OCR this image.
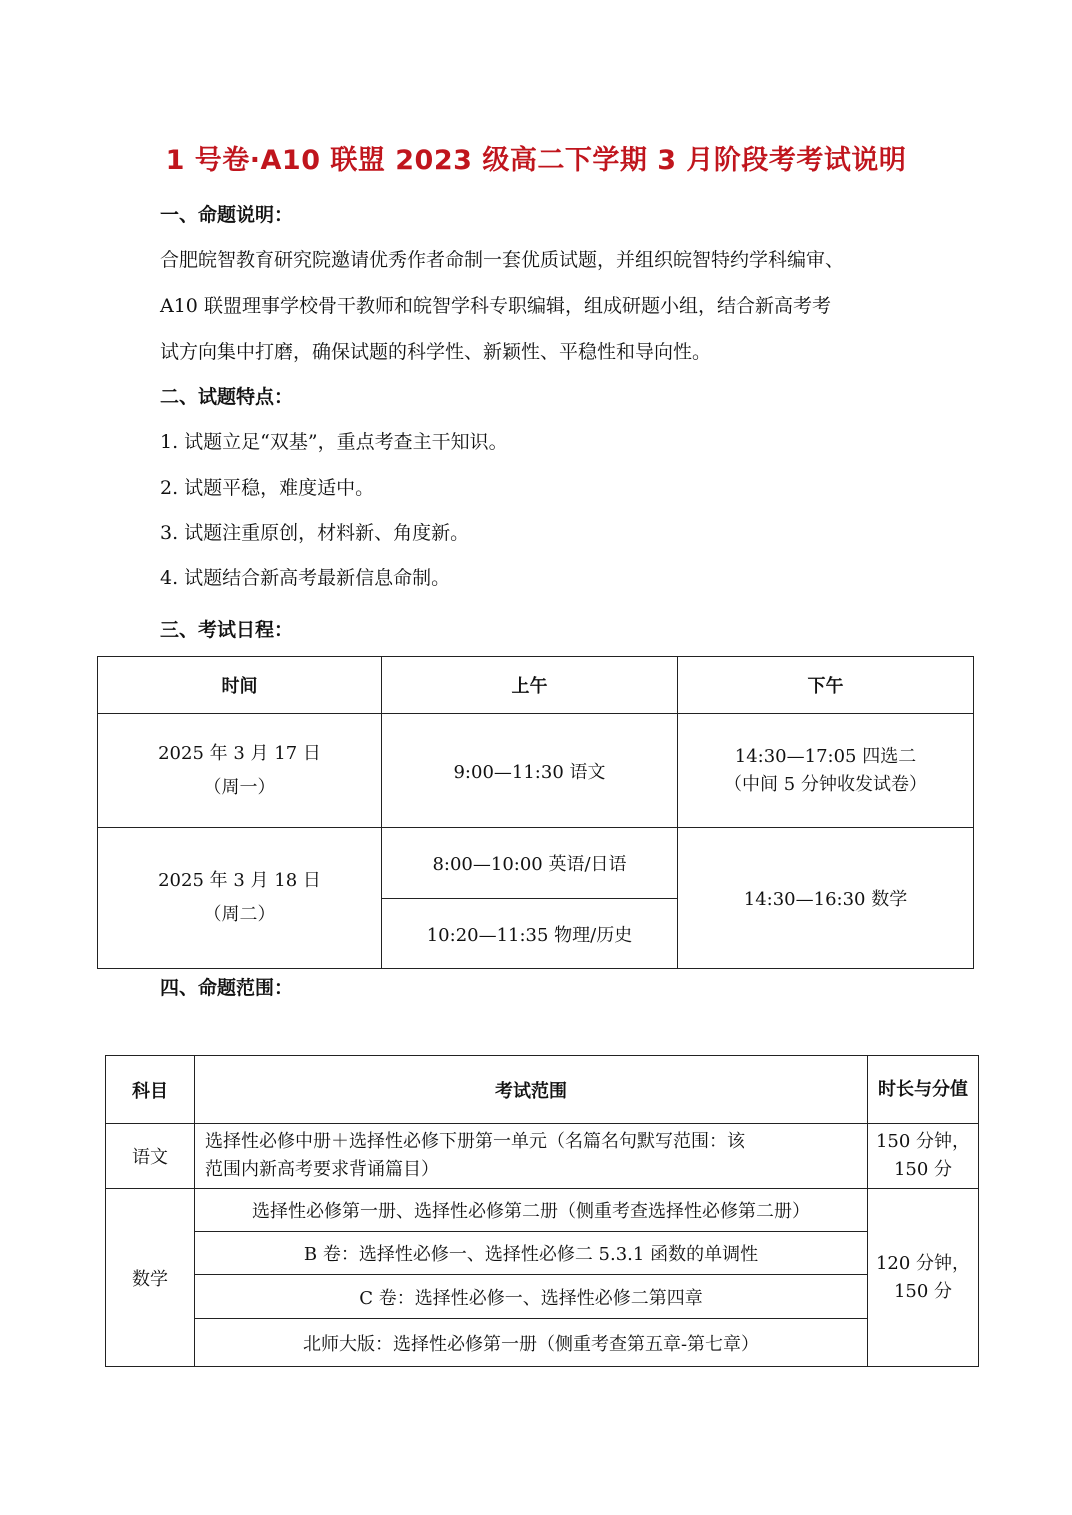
1 号卷·A10 联盟 2023 级高二下学期 3 月阶段考考试说明
一、命题说明：
合肥皖智教育研究院邀请优秀作者命制一套优质试题，并组织皖智特约学科编审、
A10 联盟理事学校骨干教师和皖智学科专职编辑，组成研题小组，结合新高考考
试方向集中打磨，确保试题的科学性、新颖性、平稳性和导向性。
二、试题特点：
1. 试题立足“双基”，重点考查主干知识。
2. 试题平稳，难度适中。
3. 试题注重原创，材料新、角度新。
4. 试题结合新高考最新信息命制。
三、考试日程：
时间	上午	下午

2025 年 3 月 17 日
（周一）	9:00—11:30 语文	14:30—17:05 四选二
（中间 5 分钟收发试卷）

2025 年 3 月 18 日
（周二）	8:00—10:00 英语/日语	14:30—16:30 数学
	10:20—11:35 物理/历史	
四、命题范围：
科目	考试范围	时长与分值
语文	选择性必修中册＋选择性必修下册第一单元（名篇名句默写范围：该
范围内新高考要求背诵篇目）	150 分钟，
150 分

数学	选择性必修第一册、选择性必修第二册（侧重考查选择性必修第二册）	120 分钟，
150 分

	B 卷：选择性必修一、选择性必修二 5.3.1 函数的单调性	
	C 卷：选择性必修一、选择性必修二第四章	
	北师大版：选择性必修第一册（侧重考查第五章-第七章）	
